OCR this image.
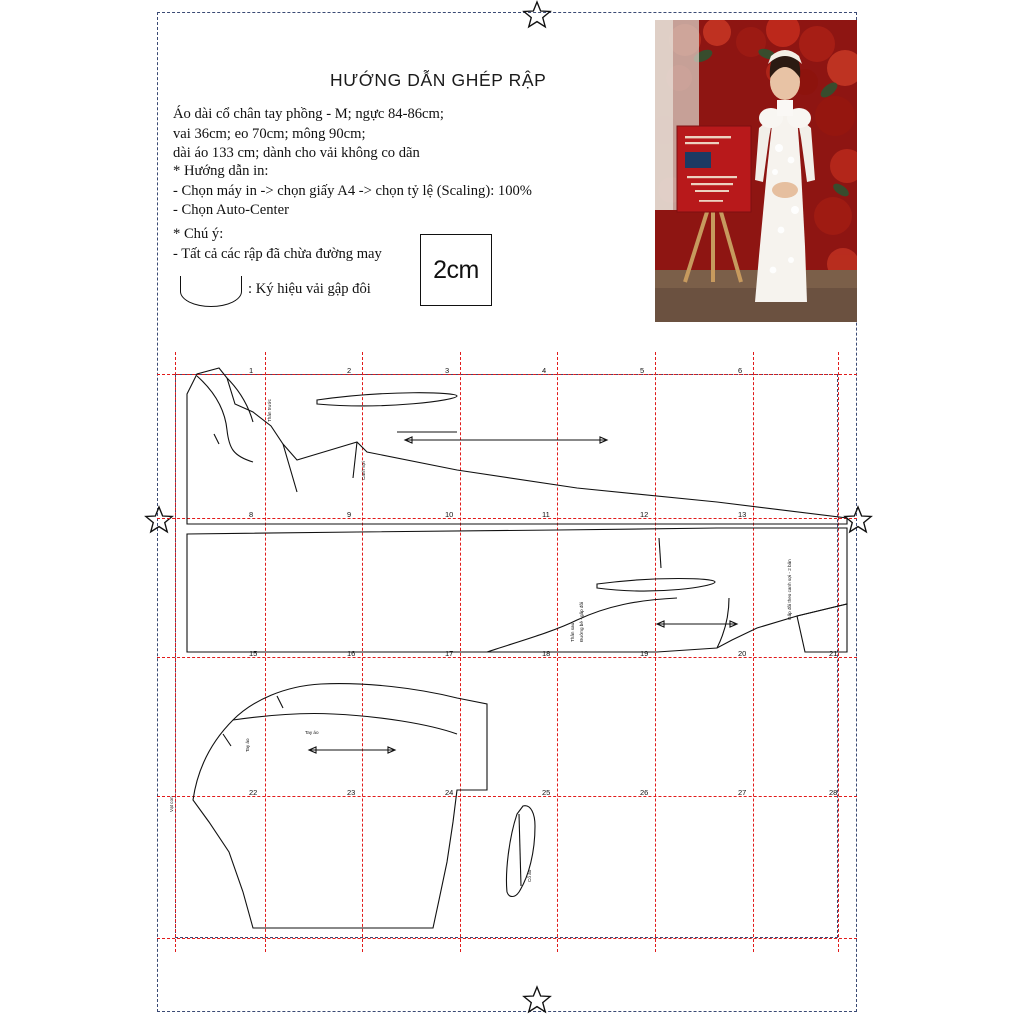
HƯỚNG DẪN GHÉP RẬP
Áo dài cổ chân tay phồng - M; ngực 84-86cm;
vai 36cm; eo 70cm; mông 90cm;
dài áo 133 cm; dành cho vải không co dãn
* Hướng dẫn in:
- Chọn máy in -> chọn giấy A4 -> chọn tỷ lệ (Scaling): 100%
- Chọn Auto-Center
* Chú ý:
- Tất cả các rập đã chừa đường may
: Ký hiệu vải gập đôi
2cm
1	2	3	4	5	6
8	9	10	11	12	13
15	16	17	18	19	20	21
22	23	24	25	26	27	28
Thân trước
Canh sợi
Thân sau Đường bẻ - gấp đôi
Gấp đôi theo canh sợi - 2 bản
Vạt con
Tay áo
Tay áo
Cổ áo
